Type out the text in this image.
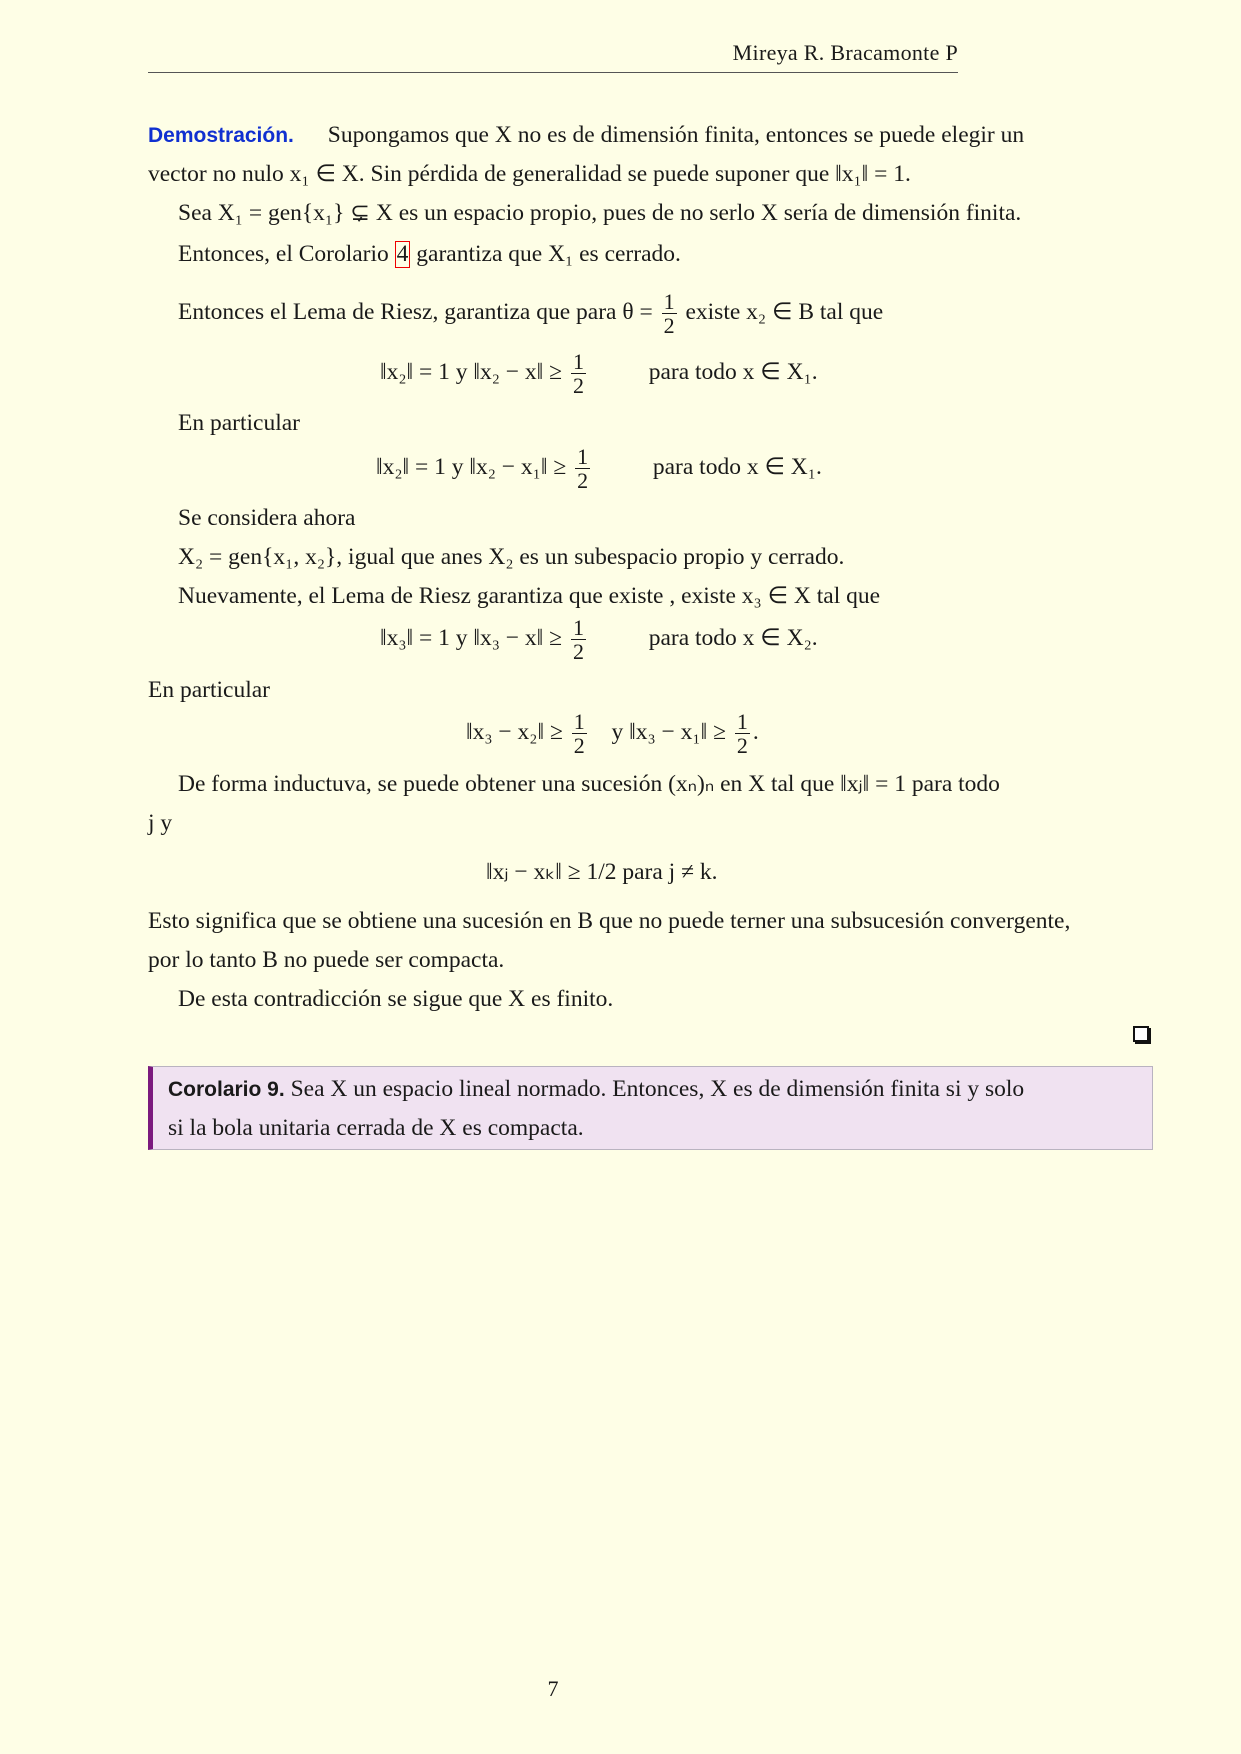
Mireya R. Bracamonte P
Demostración. Supongamos que X no es de dimensión finita, entonces se puede elegir un
vector no nulo x₁ ∈ X. Sin pérdida de generalidad se puede suponer que ‖x₁‖ = 1.
Sea X₁ = gen{x₁} ⊊ X es un espacio propio, pues de no serlo X sería de dimensión finita.
Entonces, el Corolario 4 garantiza que X₁ es cerrado.
Entonces el Lema de Riesz, garantiza que para $\theta = \frac{1}{2}$ existe x₂ ∈ B tal que
‖x₂‖ = 1 y ‖x₂ − x‖ ≥ $\frac{1}{2}$	para todo x ∈ X₁.
En particular
‖x₂‖ = 1 y ‖x₂ − x₁‖ ≥ $\frac{1}{2}$	para todo x ∈ X₁.
Se considera ahora
X₂ = gen{x₁, x₂}, igual que anes X₂ es un subespacio propio y cerrado.
Nuevamente, el Lema de Riesz garantiza que existe , existe x₃ ∈ X tal que
‖x₃‖ = 1 y ‖x₃ − x‖ ≥ $\frac{1}{2}$	para todo x ∈ X₂.
En particular
‖x₃ − x₂‖ ≥ $\frac{1}{2}$ y ‖x₃ − x₁‖ ≥ $\frac{1}{2}$ .
De forma inductuva, se puede obtener una sucesión (xₙ)ₙ en X tal que ‖xⱼ‖ = 1 para todo
j y
‖xⱼ − xₖ‖ ≥ 1/2 para j ≠ k.
Esto significa que se obtiene una sucesión en B que no puede terner una subsucesión convergente,
por lo tanto B no puede ser compacta.
De esta contradicción se sigue que X es finito.
Corolario 9. Sea X un espacio lineal normado. Entonces, X es de dimensión finita si y solo
si la bola unitaria cerrada de X es compacta.
7
